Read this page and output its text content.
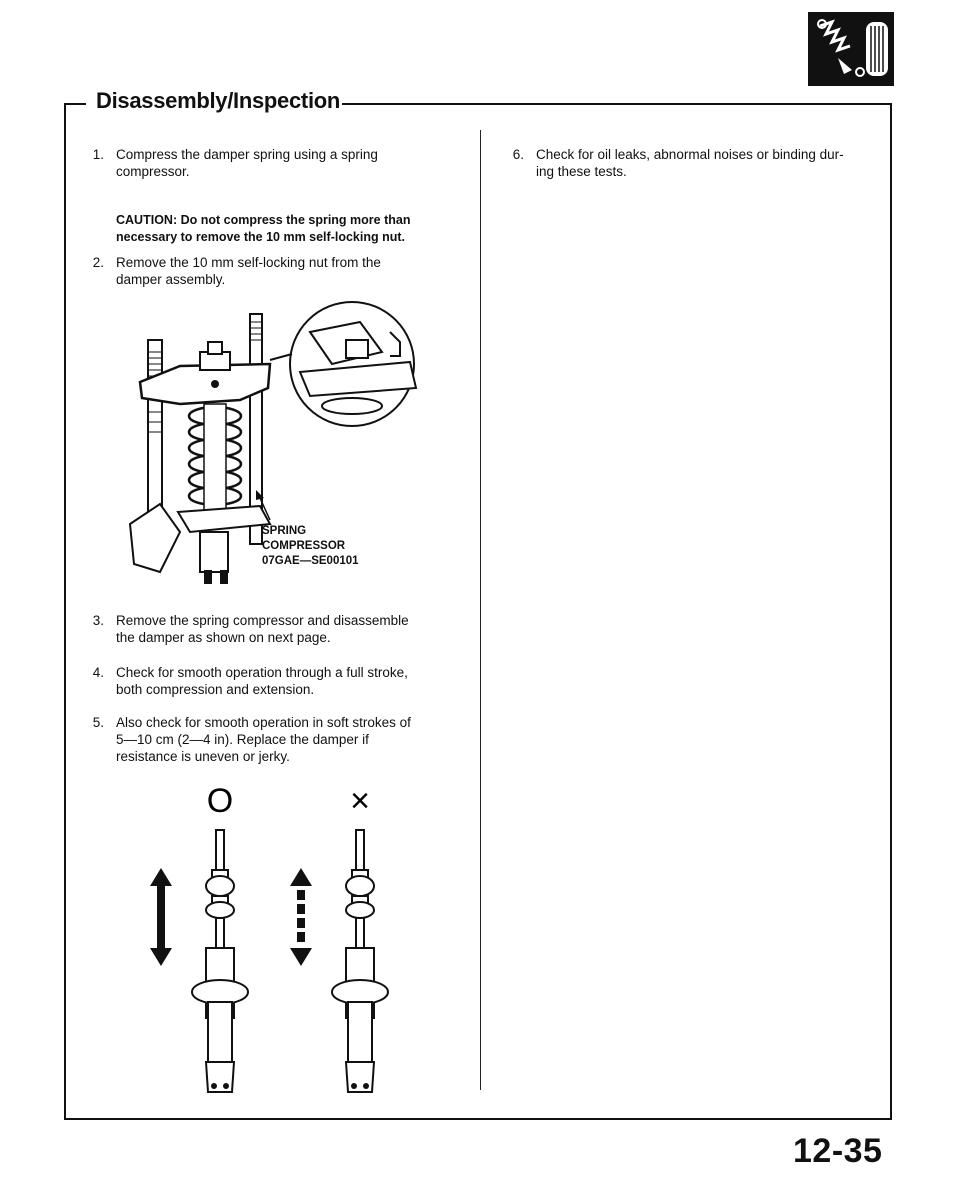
Disassembly/Inspection
1. Compress the damper spring using a spring
compressor.
CAUTION: Do not compress the spring more than
necessary to remove the 10 mm self-locking nut.
2. Remove the 10 mm self-locking nut from the
damper assembly.
SPRING
COMPRESSOR
07GAE—SE00101
3. Remove the spring compressor and disassemble
the damper as shown on next page.
4. Check for smooth operation through a full stroke,
both compression and extension.
5. Also check for smooth operation in soft strokes of
5—10 cm (2—4 in). Replace the damper if
resistance is uneven or jerky.
O	×
6. Check for oil leaks, abnormal noises or binding dur-
ing these tests.
12-35
